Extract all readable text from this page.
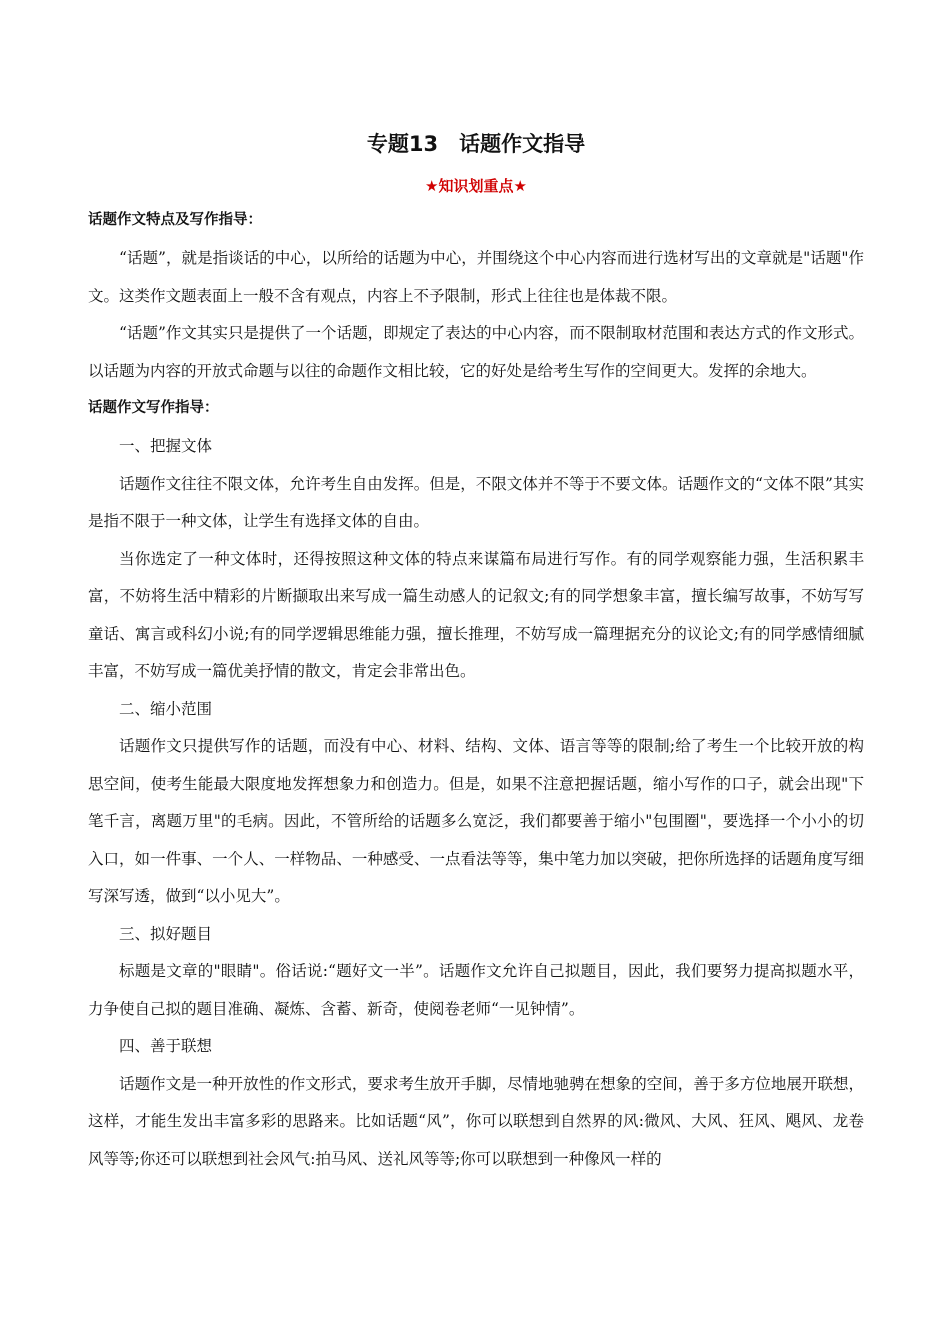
专题13　话题作文指导
★知识划重点★
话题作文特点及写作指导：

“话题”，就是指谈话的中心，以所给的话题为中心，并围绕这个中心内容而进行选材写出的文章就是"话题"作文。这类作文题表面上一般不含有观点，内容上不予限制，形式上往往也是体裁不限。

“话题”作文其实只是提供了一个话题，即规定了表达的中心内容，而不限制取材范围和表达方式的作文形式。以话题为内容的开放式命题与以往的命题作文相比较，它的好处是给考生写作的空间更大。发挥的余地大。

话题作文写作指导：

一、把握文体

话题作文往往不限文体，允许考生自由发挥。但是，不限文体并不等于不要文体。话题作文的“文体不限”其实是指不限于一种文体，让学生有选择文体的自由。

当你选定了一种文体时，还得按照这种文体的特点来谋篇布局进行写作。有的同学观察能力强，生活积累丰富，不妨将生活中精彩的片断撷取出来写成一篇生动感人的记叙文;有的同学想象丰富，擅长编写故事，不妨写写童话、寓言或科幻小说;有的同学逻辑思维能力强，擅长推理，不妨写成一篇理据充分的议论文;有的同学感情细腻丰富，不妨写成一篇优美抒情的散文，肯定会非常出色。

二、缩小范围

话题作文只提供写作的话题，而没有中心、材料、结构、文体、语言等等的限制;给了考生一个比较开放的构思空间，使考生能最大限度地发挥想象力和创造力。但是，如果不注意把握话题，缩小写作的口子，就会出现"下笔千言，离题万里"的毛病。因此，不管所给的话题多么宽泛，我们都要善于缩小"包围圈"，要选择一个小小的切入口，如一件事、一个人、一样物品、一种感受、一点看法等等，集中笔力加以突破，把你所选择的话题角度写细写深写透，做到“以小见大”。

三、拟好题目

标题是文章的"眼睛"。俗话说:“题好文一半”。话题作文允许自己拟题目，因此，我们要努力提高拟题水平，力争使自己拟的题目准确、凝炼、含蓄、新奇，使阅卷老师“一见钟情”。

四、善于联想

话题作文是一种开放性的作文形式，要求考生放开手脚，尽情地驰骋在想象的空间，善于多方位地展开联想，这样，才能生发出丰富多彩的思路来。比如话题“风”，你可以联想到自然界的风:微风、大风、狂风、飓风、龙卷风等等;你还可以联想到社会风气:拍马风、送礼风等等;你可以联想到一种像风一样的
